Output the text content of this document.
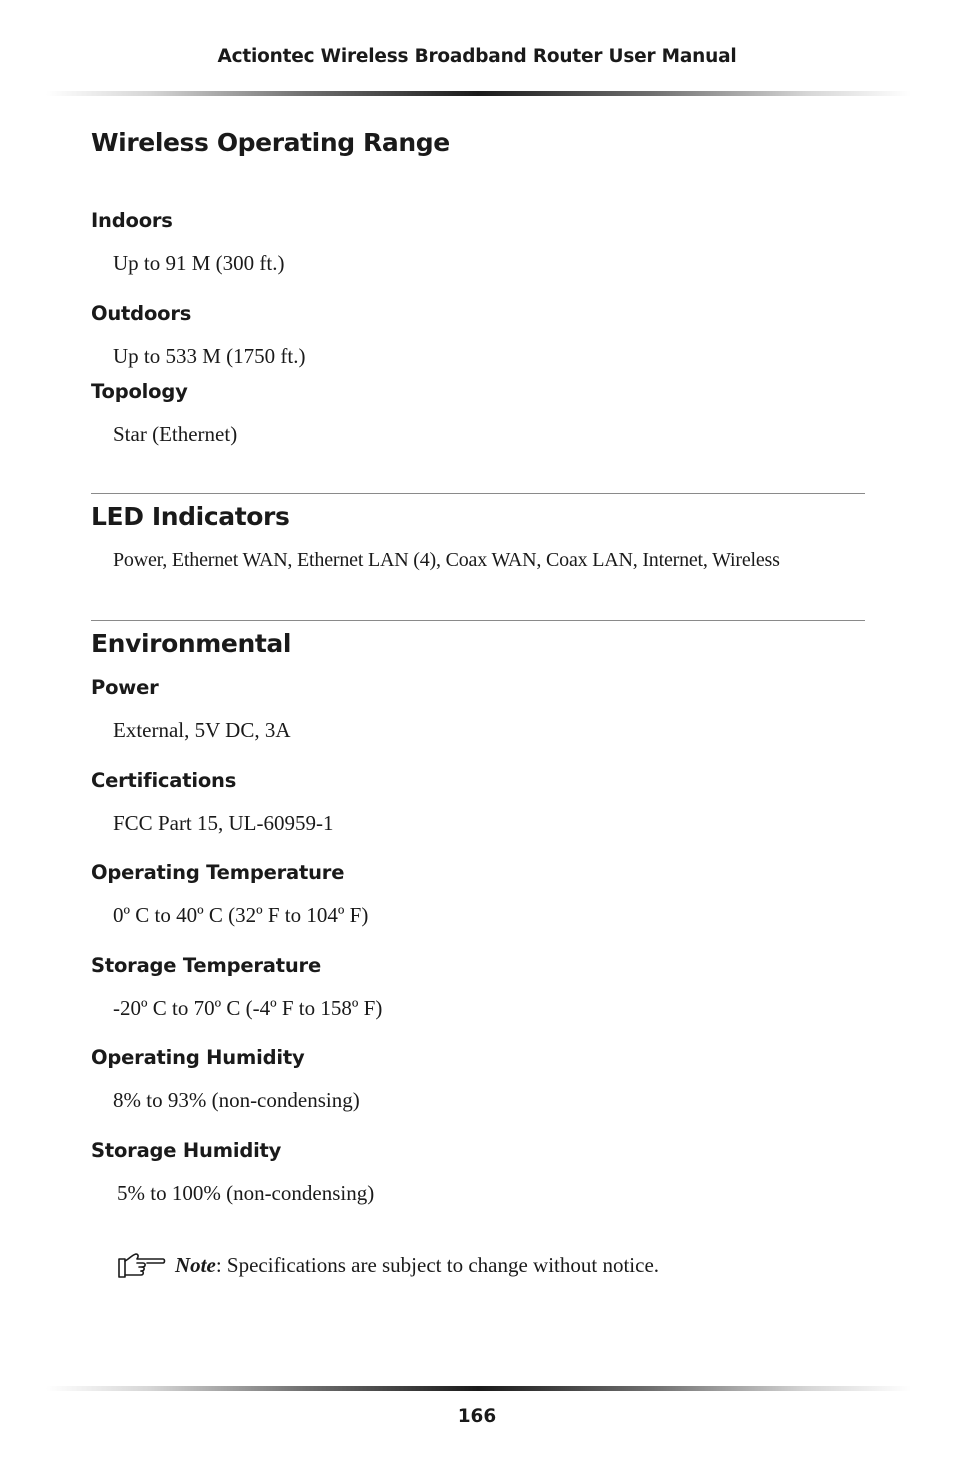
Actiontec Wireless Broadband Router User Manual
Wireless Operating Range
Indoors

Up to 91 M (300 ft.)

Outdoors

Up to 533 M (1750 ft.)

Topology

Star (Ethernet)

LED Indicators

Power, Ethernet WAN, Ethernet LAN (4), Coax WAN, Coax LAN, Internet, Wireless

Environmental
Power

External, 5V DC, 3A

Certifications

FCC Part 15, UL-60959-1

Operating Temperature

0º C to 40º C (32º F to 104º F)

Storage Temperature

-20º C to 70º C (-4º F to 158º F)

Operating Humidity

8% to 93% (non-condensing)

Storage Humidity

5% to 100% (non-condensing)

Note : Specifications are subject to change without notice.
166
